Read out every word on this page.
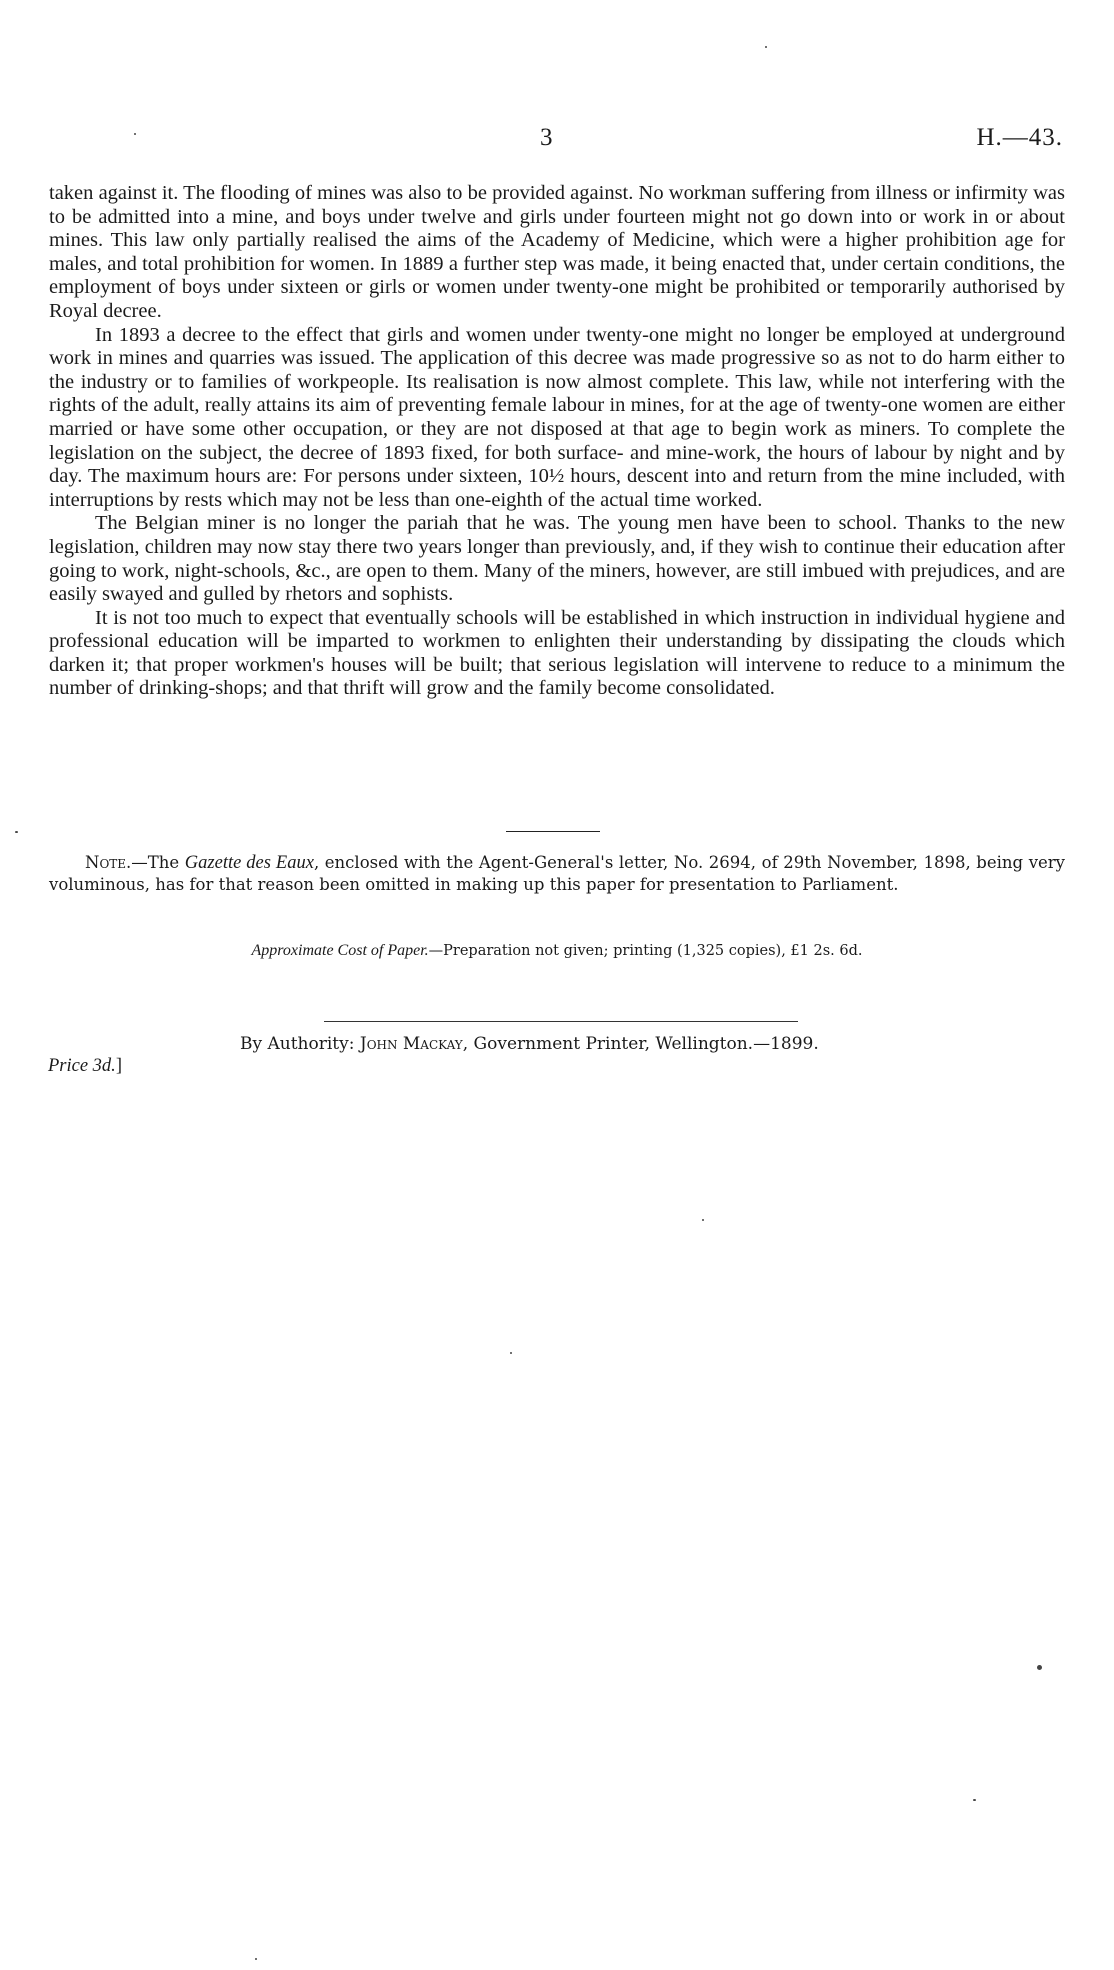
3	H.—43.

taken against it. The flooding of mines was also to be provided against. No workman suffering from illness or infirmity was to be admitted into a mine, and boys under twelve and girls under fourteen might not go down into or work in or about mines. This law only partially realised the aims of the Academy of Medicine, which were a higher prohibition age for males, and total prohibition for women. In 1889 a further step was made, it being enacted that, under certain conditions, the employment of boys under sixteen or girls or women under twenty-one might be prohibited or temporarily authorised by Royal decree.

In 1893 a decree to the effect that girls and women under twenty-one might no longer be employed at underground work in mines and quarries was issued. The application of this decree was made progressive so as not to do harm either to the industry or to families of workpeople. Its realisation is now almost complete. This law, while not interfering with the rights of the adult, really attains its aim of preventing female labour in mines, for at the age of twenty-one women are either married or have some other occupation, or they are not disposed at that age to begin work as miners. To complete the legislation on the subject, the decree of 1893 fixed, for both surface- and mine-work, the hours of labour by night and by day. The maximum hours are: For persons under sixteen, 10½ hours, descent into and return from the mine included, with interruptions by rests which may not be less than one-eighth of the actual time worked.

The Belgian miner is no longer the pariah that he was. The young men have been to school. Thanks to the new legislation, children may now stay there two years longer than previously, and, if they wish to continue their education after going to work, night-schools, &c., are open to them. Many of the miners, however, are still imbued with prejudices, and are easily swayed and gulled by rhetors and sophists.

It is not too much to expect that eventually schools will be established in which instruction in individual hygiene and professional education will be imparted to workmen to enlighten their understanding by dissipating the clouds which darken it; that proper workmen's houses will be built; that serious legislation will intervene to reduce to a minimum the number of drinking-shops; and that thrift will grow and the family become consolidated.

Note.—The Gazette des Eaux, enclosed with the Agent-General's letter, No. 2694, of 29th November, 1898, being very voluminous, has for that reason been omitted in making up this paper for presentation to Parliament.
Approximate Cost of Paper.—Preparation not given; printing (1,325 copies), £1 2s. 6d.
By Authority: John Mackay, Government Printer, Wellington.—1899.
Price 3d.]
